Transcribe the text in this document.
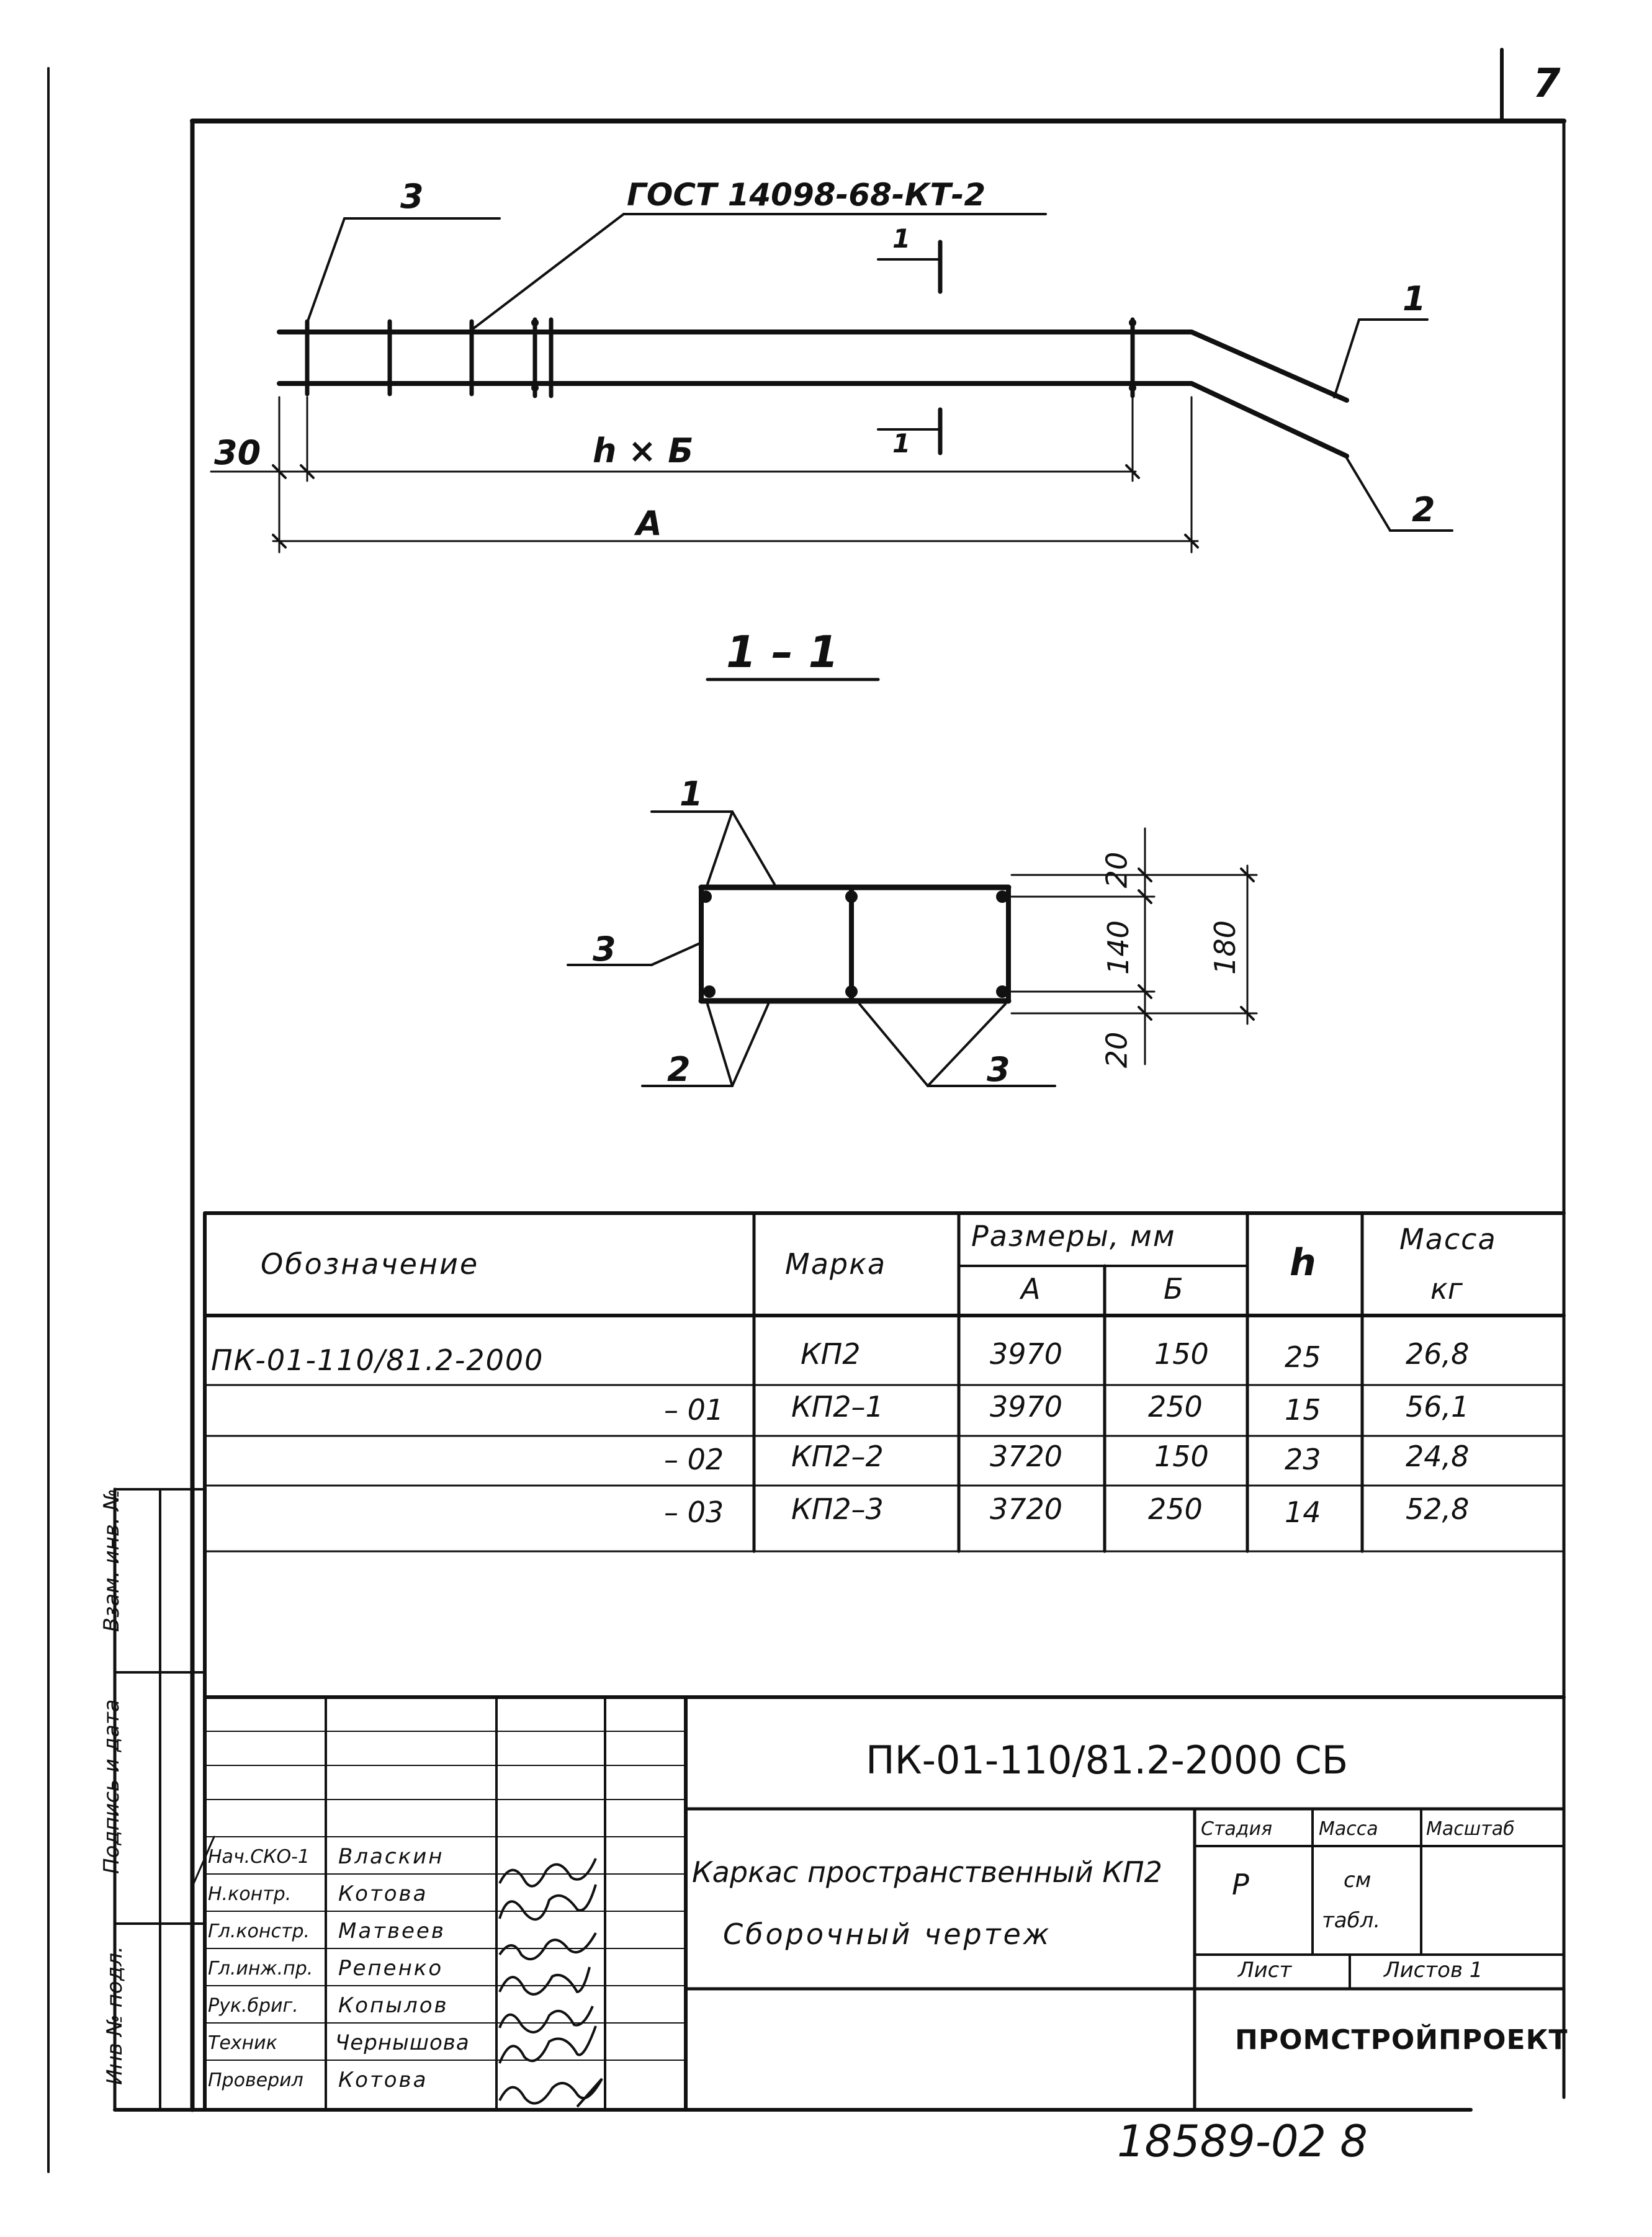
7
3	ГОСТ 14098-68-КТ-2
1
1
1
2
30	h × Б
А
1 – 1
1
3
2	3
20
140
20
180
Обозначение	Марка
Размеры, мм
А	Б
h
Масса
кг
ПК-01-110/81.2-2000	КП2	3970	150	25	26,8
– 01 КП2–1	3970	250	15	56,1
– 02 КП2–2	3720	150	23	24,8
– 03 КП2–3	3720	250	14	52,8
Взам. инв. №
Подпись и дата
Инв № подл.
ПК-01-110/81.2-2000 СБ
Каркас пространственный КП2
Сборочный чертеж
Стадия Масса	Масштаб
Р	см
табл.
Лист	Листов 1
ПРОМСТРОЙПРОЕКТ
Нач.СКО-1 Власкин
Н.контр. Котова
Гл.констр. Матвеев
Гл.инж.пр. Репенко
Рук.бриг. Копылов
Техник	Чернышова
Проверил Котова
18589-02 8
